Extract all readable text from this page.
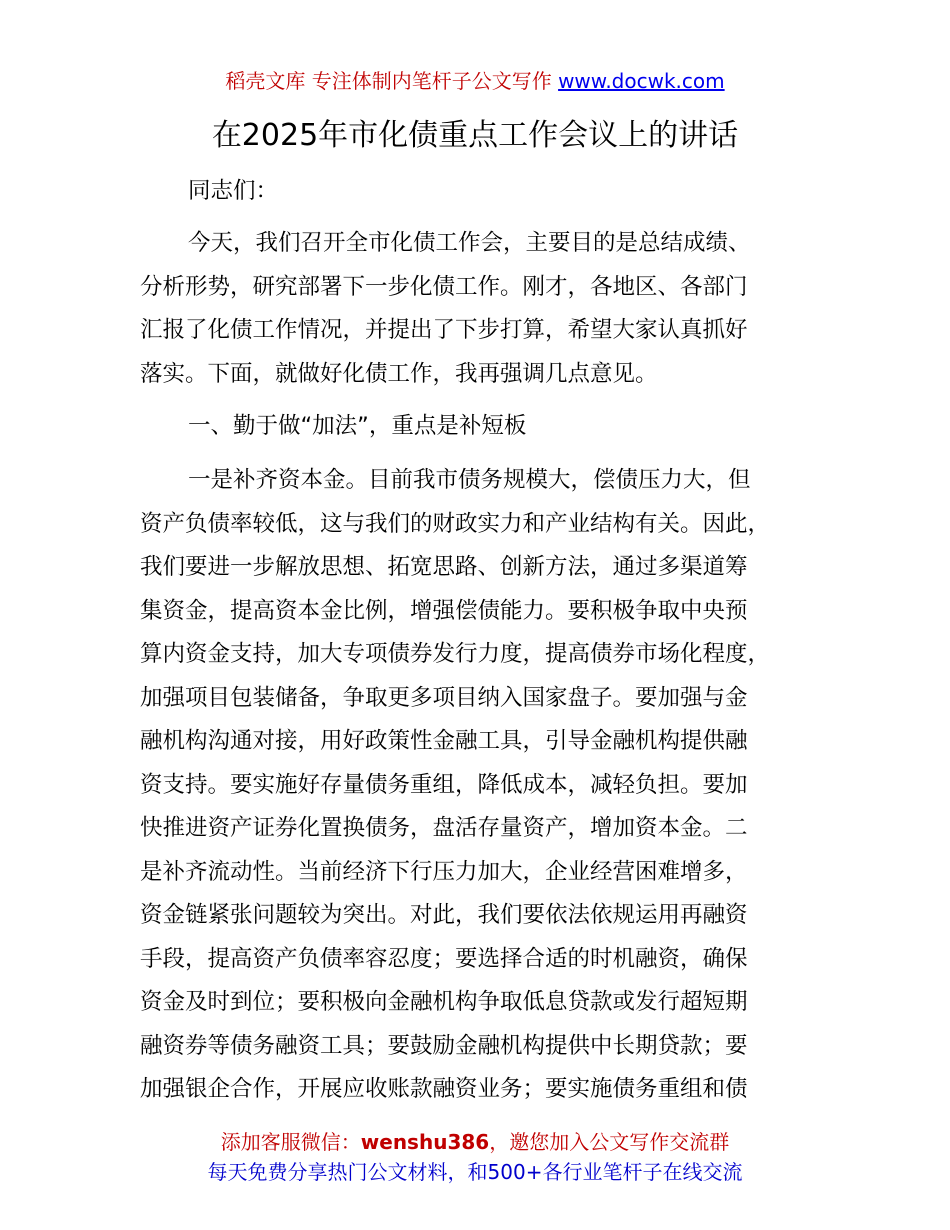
稻壳文库 专注体制内笔杆子公文写作 www.docwk.com
在2025年市化债重点工作会议上的讲话
同志们：
今天，我们召开全市化债工作会，主要目的是总结成绩、
分析形势，研究部署下一步化债工作。刚才，各地区、各部门
汇报了化债工作情况，并提出了下步打算，希望大家认真抓好
落实。下面，就做好化债工作，我再强调几点意见。
一、勤于做“加法”，重点是补短板
一是补齐资本金。目前我市债务规模大，偿债压力大，但
资产负债率较低，这与我们的财政实力和产业结构有关。因此，
我们要进一步解放思想、拓宽思路、创新方法，通过多渠道筹
集资金，提高资本金比例，增强偿债能力。要积极争取中央预
算内资金支持，加大专项债券发行力度，提高债券市场化程度，
加强项目包装储备，争取更多项目纳入国家盘子。要加强与金
融机构沟通对接，用好政策性金融工具，引导金融机构提供融
资支持。要实施好存量债务重组，降低成本，减轻负担。要加
快推进资产证券化置换债务，盘活存量资产，增加资本金。二
是补齐流动性。当前经济下行压力加大，企业经营困难增多，
资金链紧张问题较为突出。对此，我们要依法依规运用再融资
手段，提高资产负债率容忍度；要选择合适的时机融资，确保
资金及时到位；要积极向金融机构争取低息贷款或发行超短期
融资券等债务融资工具；要鼓励金融机构提供中长期贷款；要
加强银企合作，开展应收账款融资业务；要实施债务重组和债
添加客服微信：wenshu386，邀您加入公文写作交流群
每天免费分享热门公文材料，和500+各行业笔杆子在线交流
